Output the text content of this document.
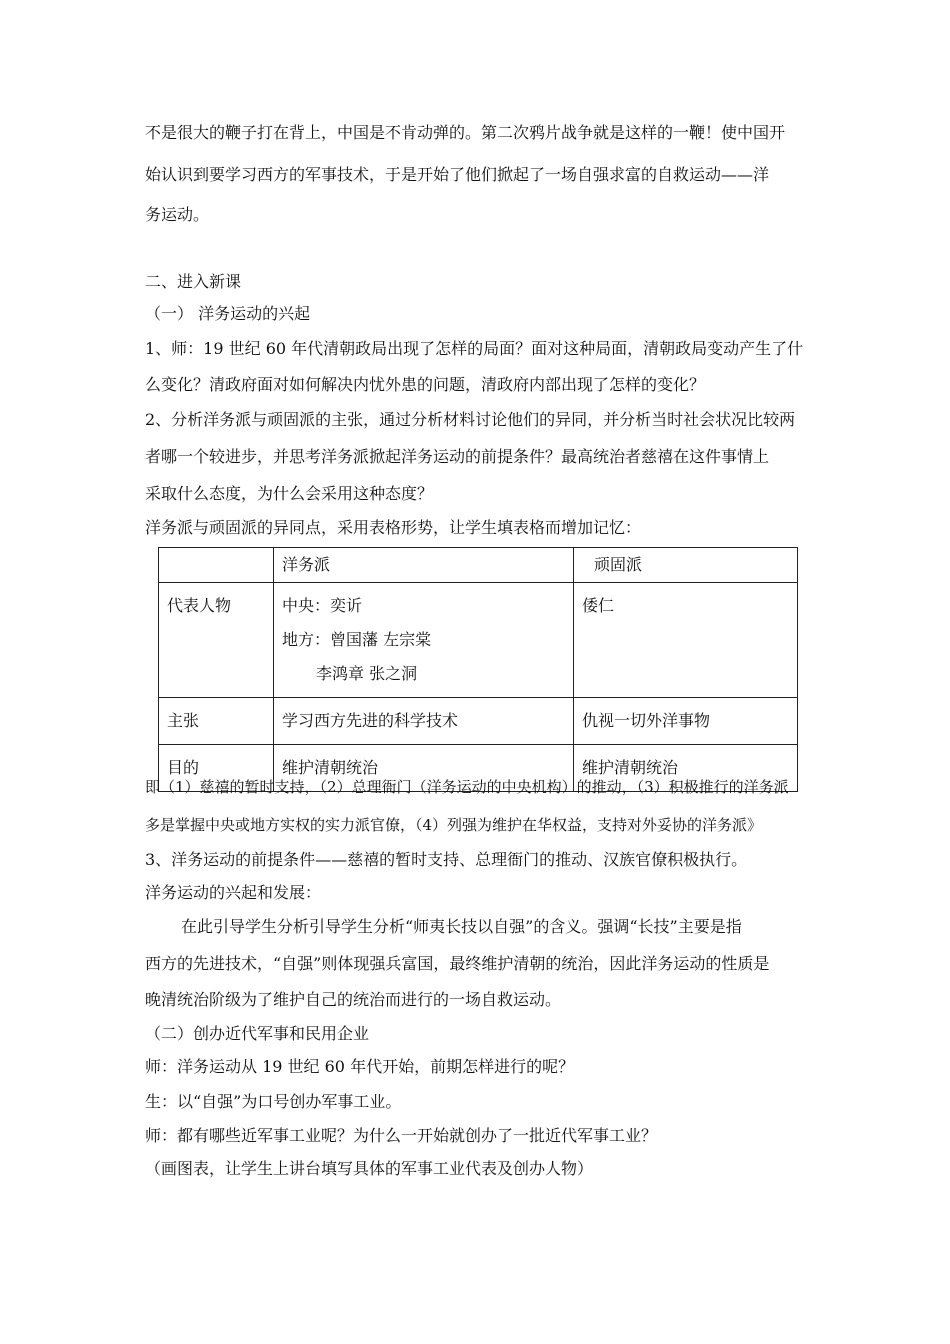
不是很大的鞭子打在背上，中国是不肯动弹的。第二次鸦片战争就是这样的一鞭！使中国开
始认识到要学习西方的军事技术，于是开始了他们掀起了一场自强求富的自救运动——洋
务运动。
二、进入新课
（一） 洋务运动的兴起
1、师：19 世纪 60 年代清朝政局出现了怎样的局面？面对这种局面，清朝政局变动产生了什
么变化？清政府面对如何解决内忧外患的问题，清政府内部出现了怎样的变化？
2、分析洋务派与顽固派的主张，通过分析材料讨论他们的异同，并分析当时社会状况比较两
者哪一个较进步，并思考洋务派掀起洋务运动的前提条件？最高统治者慈禧在这件事情上
采取什么态度，为什么会采用这种态度？
洋务派与顽固派的异同点，采用表格形势，让学生填表格而增加记忆：
	洋务派	顽固派
代表人物	中央：奕䜣
地方：曾国藩 左宗棠
李鸿章 张之洞	倭仁
主张	学习西方先进的科学技术	仇视一切外洋事物
目的	维护清朝统治	维护清朝统治
即（1）慈禧的暂时支持，（2）总理衙门（洋务运动的中央机构）的推动，（3）积极推行的洋务派
多是掌握中央或地方实权的实力派官僚，（4）列强为维护在华权益，支持对外妥协的洋务派》
3、洋务运动的前提条件——慈禧的暂时支持、总理衙门的推动、汉族官僚积极执行。
洋务运动的兴起和发展：
在此引导学生分析引导学生分析“师夷长技以自强”的含义。强调“长技”主要是指
西方的先进技术，“自强”则体现强兵富国，最终维护清朝的统治，因此洋务运动的性质是
晚清统治阶级为了维护自己的统治而进行的一场自救运动。
（二）创办近代军事和民用企业
师：洋务运动从 19 世纪 60 年代开始，前期怎样进行的呢？
生：以“自强”为口号创办军事工业。
师：都有哪些近军事工业呢？为什么一开始就创办了一批近代军事工业？
（画图表，让学生上讲台填写具体的军事工业代表及创办人物）
